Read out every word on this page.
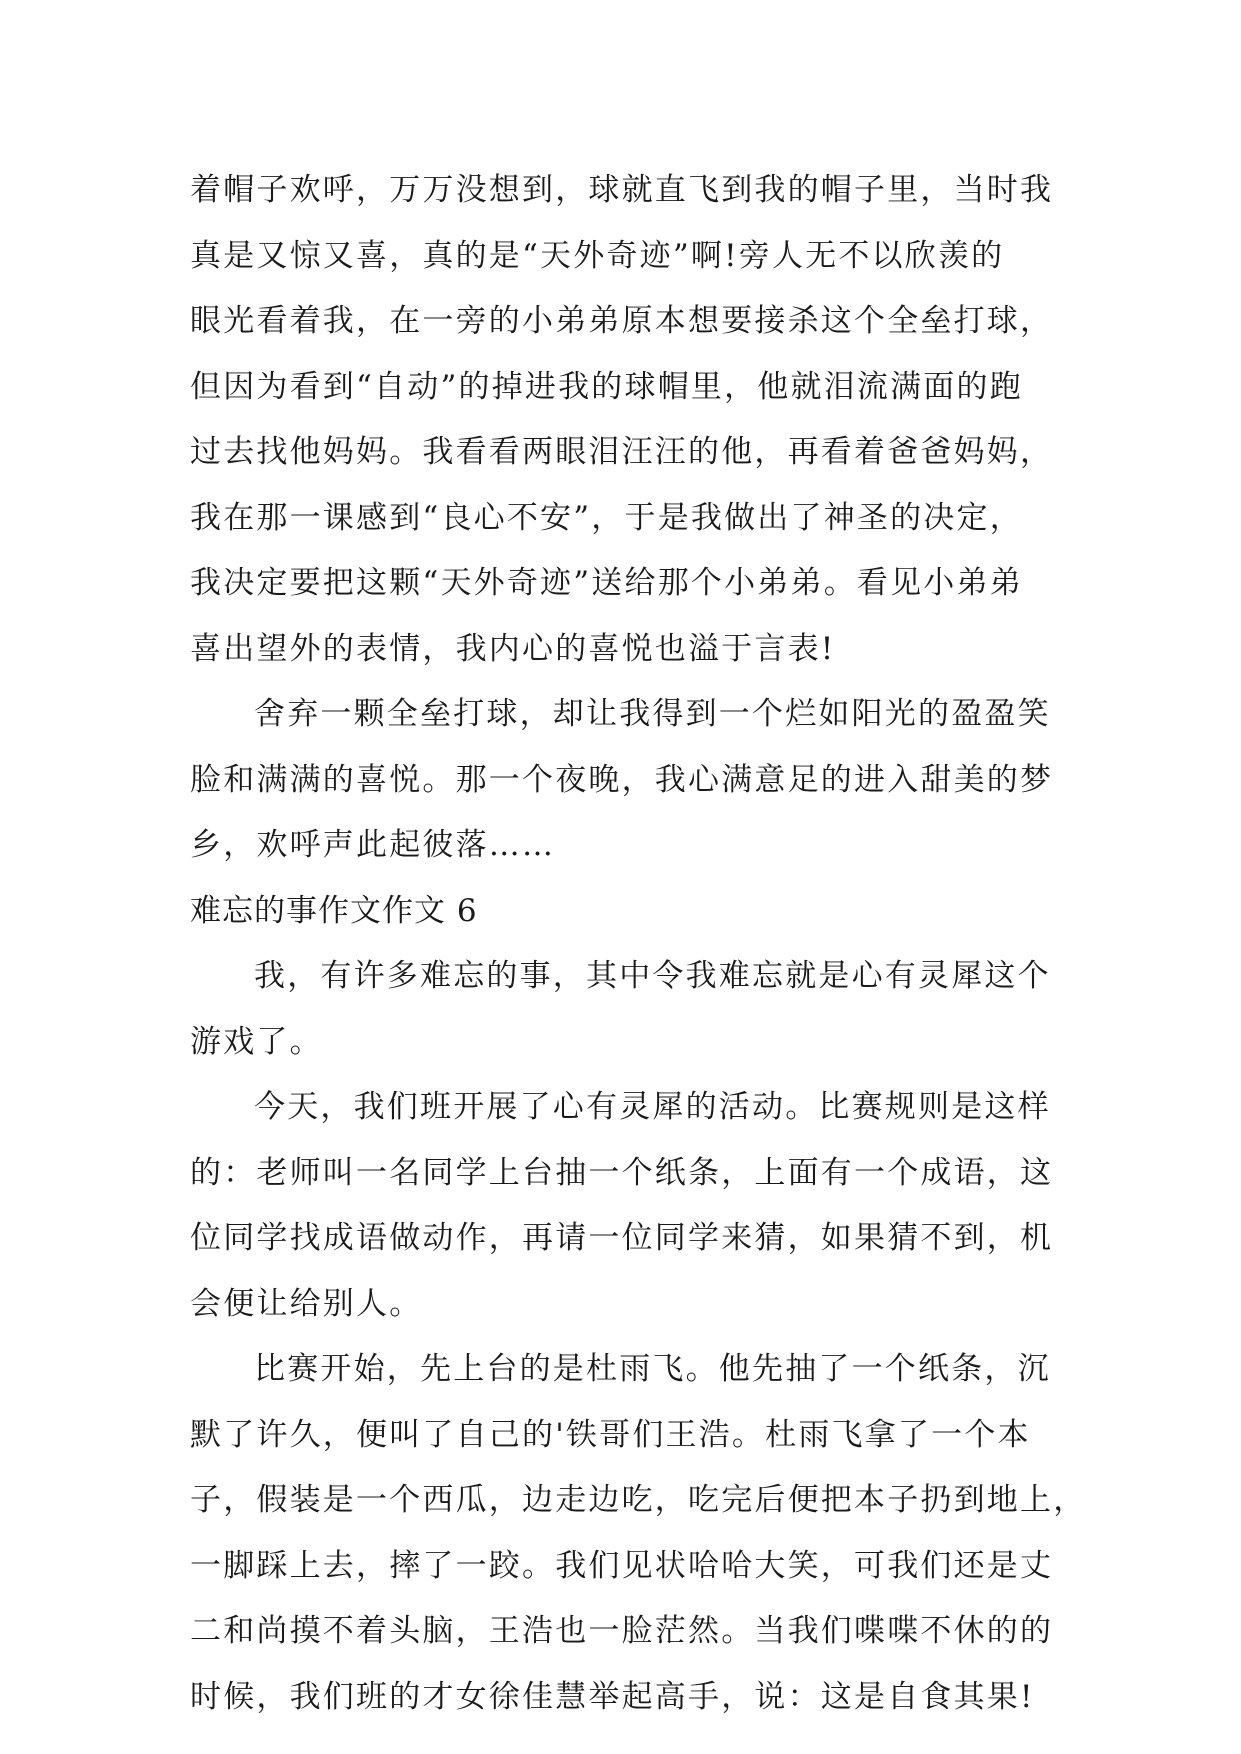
着帽子欢呼，万万没想到，球就直飞到我的帽子里，当时我
真是又惊又喜，真的是“天外奇迹”啊!旁人无不以欣羡的
眼光看着我，在一旁的小弟弟原本想要接杀这个全垒打球，
但因为看到“自动”的掉进我的球帽里，他就泪流满面的跑
过去找他妈妈。我看看两眼泪汪汪的他，再看着爸爸妈妈，
我在那一课感到“良心不安”，于是我做出了神圣的决定，
我决定要把这颗“天外奇迹”送给那个小弟弟。看见小弟弟
喜出望外的表情，我内心的喜悦也溢于言表!
舍弃一颗全垒打球，却让我得到一个烂如阳光的盈盈笑
脸和满满的喜悦。那一个夜晚，我心满意足的进入甜美的梦
乡，欢呼声此起彼落……
难忘的事作文作文 6
我，有许多难忘的事，其中令我难忘就是心有灵犀这个
游戏了。
今天，我们班开展了心有灵犀的活动。比赛规则是这样
的：老师叫一名同学上台抽一个纸条，上面有一个成语，这
位同学找成语做动作，再请一位同学来猜，如果猜不到，机
会便让给别人。
比赛开始，先上台的是杜雨飞。他先抽了一个纸条，沉
默了许久，便叫了自己的'铁哥们王浩。杜雨飞拿了一个本
子，假装是一个西瓜，边走边吃，吃完后便把本子扔到地上，
一脚踩上去，摔了一跤。我们见状哈哈大笑，可我们还是丈
二和尚摸不着头脑，王浩也一脸茫然。当我们喋喋不休的的
时候，我们班的才女徐佳慧举起高手，说：这是自食其果!
